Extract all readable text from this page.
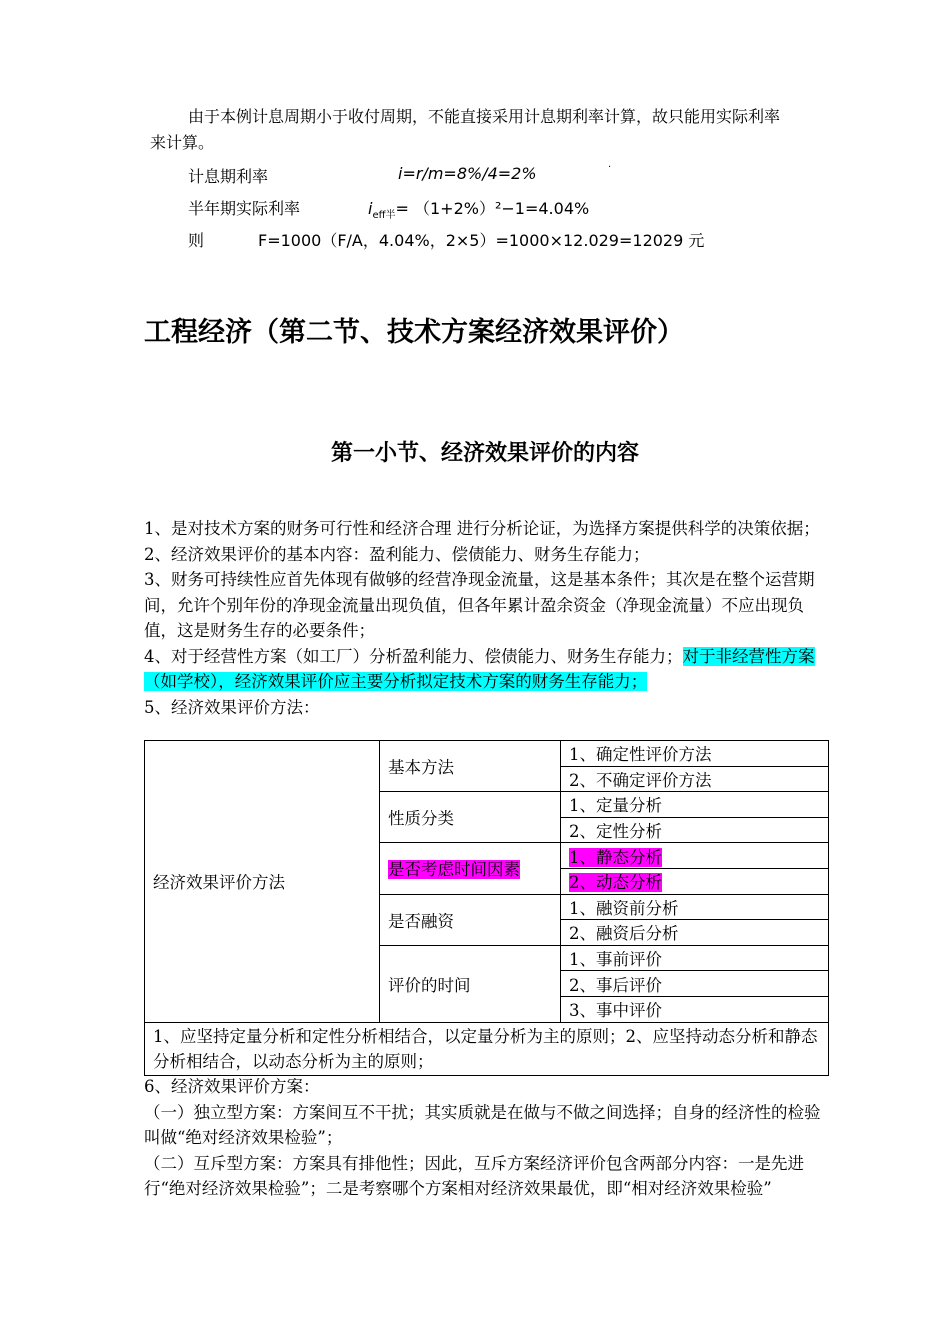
由于本例计息周期小于收付周期，不能直接采用计息期利率计算，故只能用实际利率
来计算。
计息期利率	i=r/m=8%/4=2%	·
半年期实际利率	$i_{eff半}= (1+2\%)^2-1=4.04\%$
则	F=1000（F/A，4.04%，2×5）=1000×12.029=12029 元
工程经济（第二节、技术方案经济效果评价）
第一小节、经济效果评价的内容
1、是对技术方案的财务可行性和经济合理 进行分析论证，为选择方案提供科学的决策依据；
2、经济效果评价的基本内容：盈利能力、偿债能力、财务生存能力；
3、财务可持续性应首先体现有做够的经营净现金流量，这是基本条件；其次是在整个运营期间，允许个别年份的净现金流量出现负值，但各年累计盈余资金（净现金流量）不应出现负值，这是财务生存的必要条件；
4、对于经营性方案（如工厂）分析盈利能力、偿债能力、财务生存能力；对于非经营性方案（如学校），经济效果评价应主要分析拟定技术方案的财务生存能力；
5、经济效果评价方法：
经济效果评价方法	基本方法	1、确定性评价方法
		2、不确定评价方法
	性质分类	1、定量分析
		2、定性分析
	是否考虑时间因素	1、静态分析
		2、动态分析
	是否融资	1、融资前分析
		2、融资后分析
	评价的时间	1、事前评价
		2、事后评价
		3、事中评价
1、应坚持定量分析和定性分析相结合，以定量分析为主的原则；2、应坚持动态分析和静态分析相结合，以动态分析为主的原则；		
6、经济效果评价方案：
（一）独立型方案：方案间互不干扰；其实质就是在做与不做之间选择；自身的经济性的检验叫做“绝对经济效果检验”；
（二）互斥型方案：方案具有排他性；因此，互斥方案经济评价包含两部分内容：一是先进行“绝对经济效果检验”；二是考察哪个方案相对经济效果最优，即“相对经济效果检验”
